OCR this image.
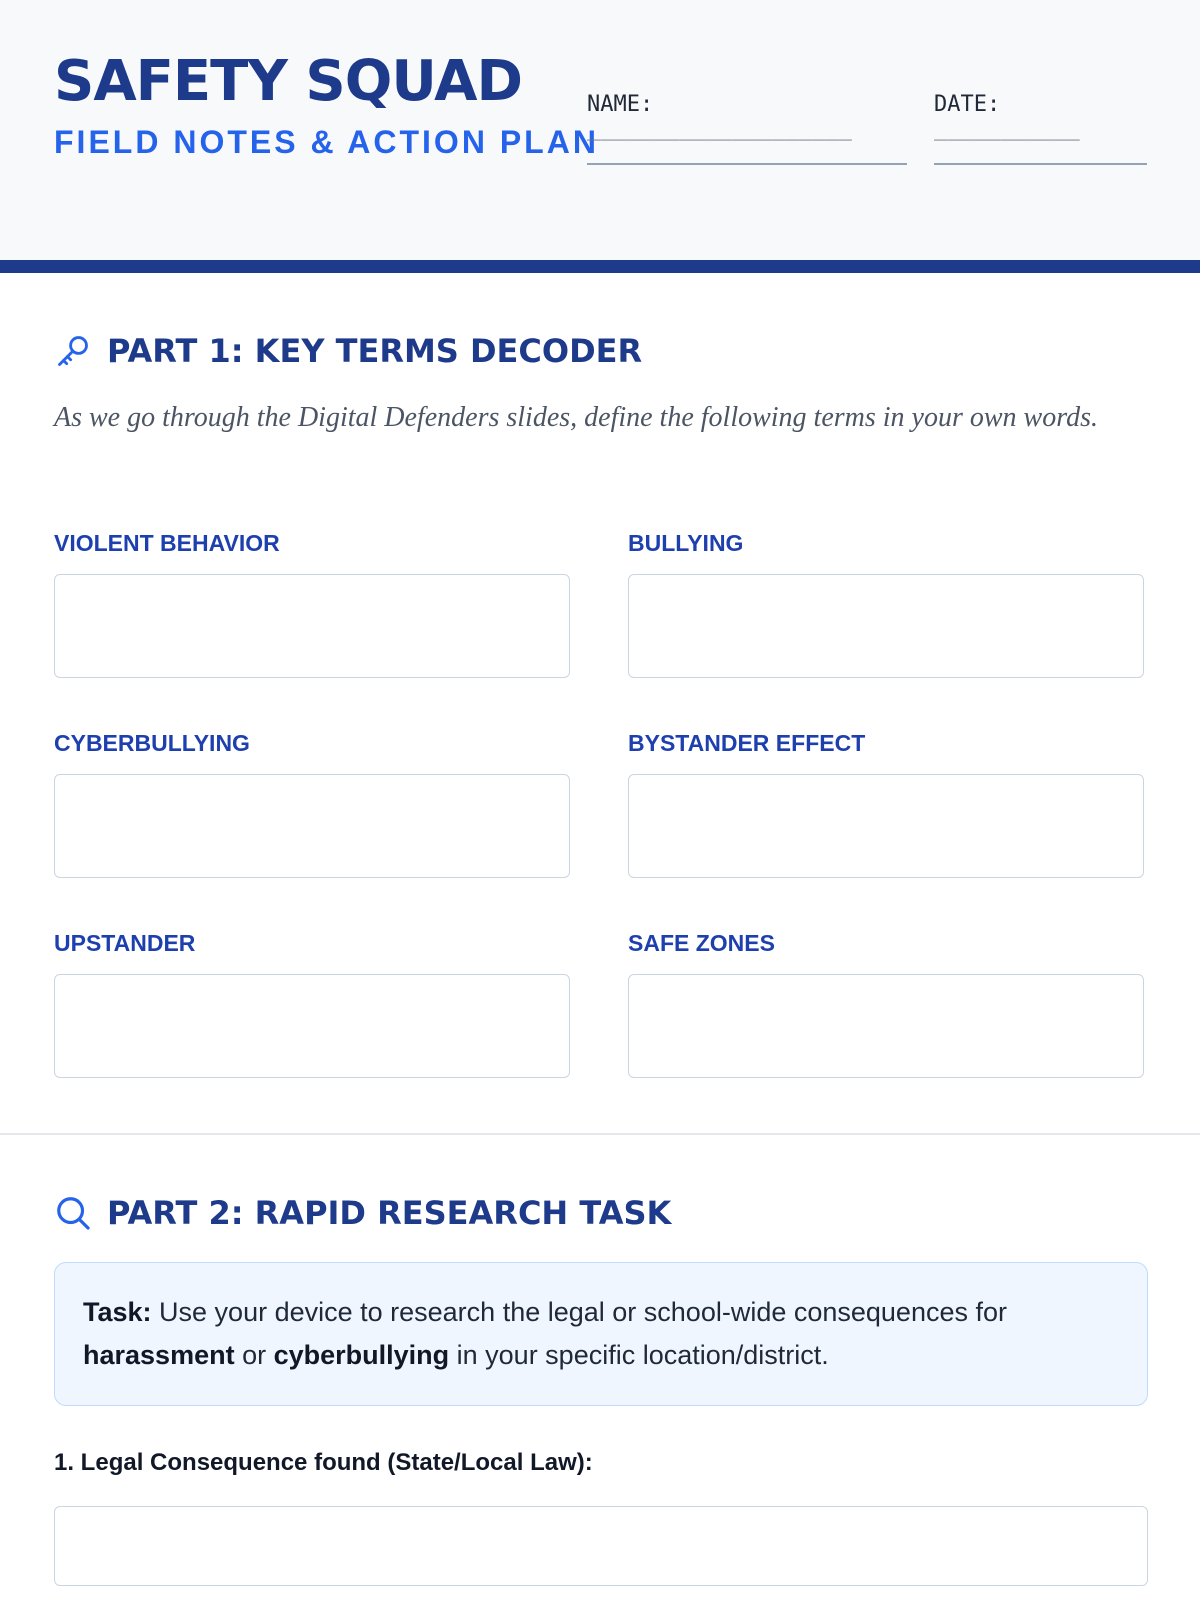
SAFETY SQUAD
FIELD NOTES & ACTION PLAN
NAME:
____________________
DATE:
___________
PART 1: KEY TERMS DECODER

As we go through the Digital Defenders slides, define the following terms in your own words.

VIOLENT BEHAVIOR	BULLYING
CYBERBULLYING	BYSTANDER EFFECT
UPSTANDER	SAFE ZONES
PART 2: RAPID RESEARCH TASK
Task: Use your device to research the legal or school-wide consequences for harassment or cyberbullying in your specific location/district.
1. Legal Consequence found (State/Local Law):
